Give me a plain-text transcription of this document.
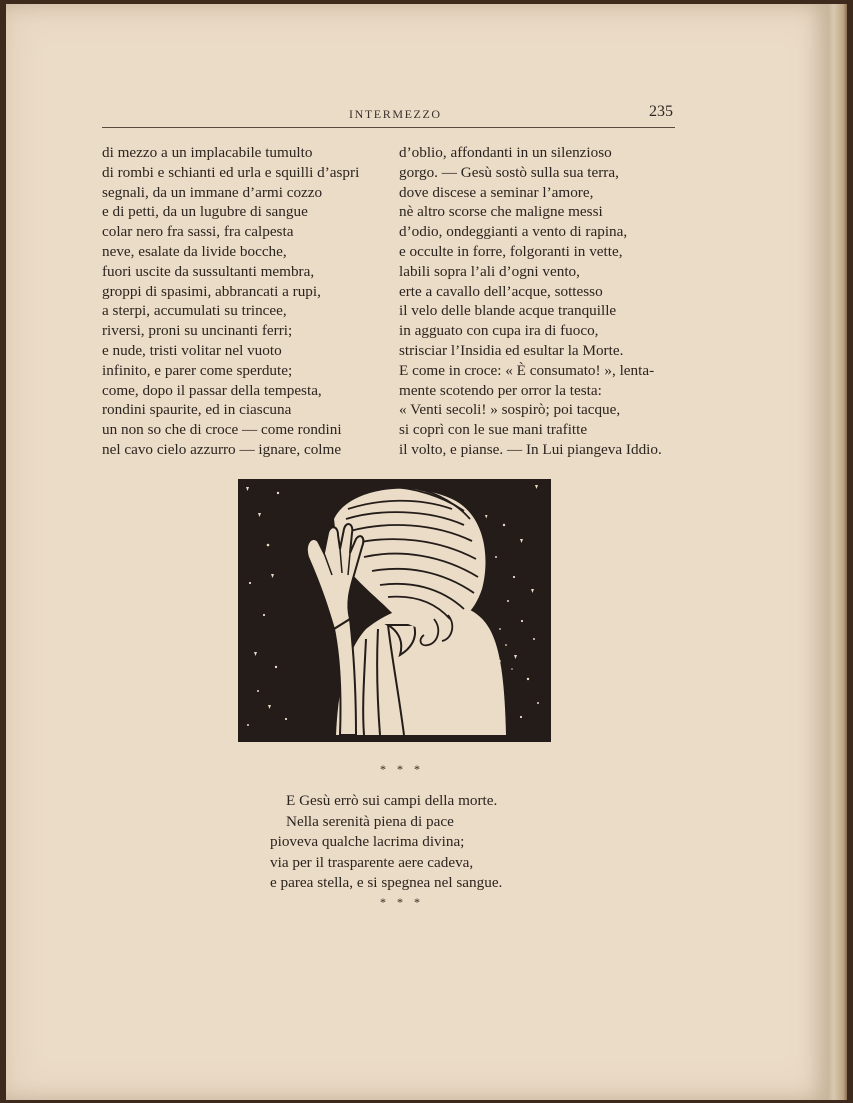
INTERMEZZO	235
di mezzo a un implacabile tumulto
di rombi e schianti ed urla e squilli d’aspri
segnali, da un immane d’armi cozzo
e di petti, da un lugubre di sangue
colar nero fra sassi, fra calpesta
neve, esalate da livide bocche,
fuori uscite da sussultanti membra,
groppi di spasimi, abbrancati a rupi,
a sterpi, accumulati su trincee,
riversi, proni su uncinanti ferri;
e nude, tristi volitar nel vuoto
infinito, e parer come sperdute;
come, dopo il passar della tempesta,
rondini spaurite, ed in ciascuna
un non so che di croce — come rondini
nel cavo cielo azzurro — ignare, colme
d’oblio, affondanti in un silenzioso
gorgo. — Gesù sostò sulla sua terra,
dove discese a seminar l’amore,
nè altro scorse che maligne messi
d’odio, ondeggianti a vento di rapina,
e occulte in forre, folgoranti in vette,
labili sopra l’ali d’ogni vento,
erte a cavallo dell’acque, sottesso
il velo delle blande acque tranquille
in agguato con cupa ira di fuoco,
strisciar l’Insidia ed esultar la Morte.
E come in croce: « È consumato! », lenta-
mente scotendo per orror la testa:
« Venti secoli! » sospirò; poi tacque,
si coprì con le sue mani trafitte
il volto, e pianse. — In Lui piangeva Iddio.
* * *
E Gesù errò sui campi della morte.
Nella serenità piena di pace
pioveva qualche lacrima divina;
via per il trasparente aere cadeva,
e parea stella, e si spegnea nel sangue.
* * *
